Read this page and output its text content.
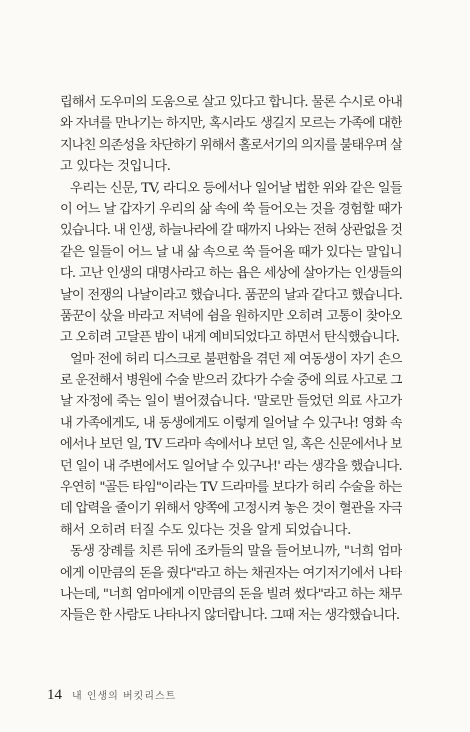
립해서 도우미의 도움으로 살고 있다고 합니다. 물론 수시로 아내
와 자녀를 만나기는 하지만, 혹시라도 생길지 모르는 가족에 대한
지나친 의존성을 차단하기 위해서 홀로서기의 의지를 불태우며 살
고 있다는 것입니다.
우리는 신문, TV, 라디오 등에서나 일어날 법한 위와 같은 일들
이 어느 날 갑자기 우리의 삶 속에 쑥 들어오는 것을 경험할 때가
있습니다. 내 인생, 하늘나라에 갈 때까지 나와는 전혀 상관없을 것
같은 일들이 어느 날 내 삶 속으로 쑥 들어올 때가 있다는 말입니
다. 고난 인생의 대명사라고 하는 욥은 세상에 살아가는 인생들의
날이 전쟁의 나날이라고 했습니다. 품꾼의 날과 같다고 했습니다.
품꾼이 삯을 바라고 저녁에 쉼을 원하지만 오히려 고통이 찾아오
고 오히려 고달픈 밤이 내게 예비되었다고 하면서 탄식했습니다.
얼마 전에 허리 디스크로 불편함을 겪던 제 여동생이 자기 손으
로 운전해서 병원에 수술 받으러 갔다가 수술 중에 의료 사고로 그
날 자정에 죽는 일이 벌어졌습니다. '말로만 들었던 의료 사고가
내 가족에게도, 내 동생에게도 이렇게 일어날 수 있구나! 영화 속
에서나 보던 일, TV 드라마 속에서나 보던 일, 혹은 신문에서나 보
던 일이 내 주변에서도 일어날 수 있구나!' 라는 생각을 했습니다.
우연히 "골든 타임"이라는 TV 드라마를 보다가 허리 수술을 하는
데 압력을 줄이기 위해서 양쪽에 고정시켜 놓은 것이 혈관을 자극
해서 오히려 터질 수도 있다는 것을 알게 되었습니다.
동생 장례를 치른 뒤에 조카들의 말을 들어보니까, "너희 엄마
에게 이만큼의 돈을 줬다"라고 하는 채권자는 여기저기에서 나타
나는데, "너희 엄마에게 이만큼의 돈을 빌려 썼다"라고 하는 채무
자들은 한 사람도 나타나지 않더랍니다. 그때 저는 생각했습니다.
14 내 인생의 버킷리스트
